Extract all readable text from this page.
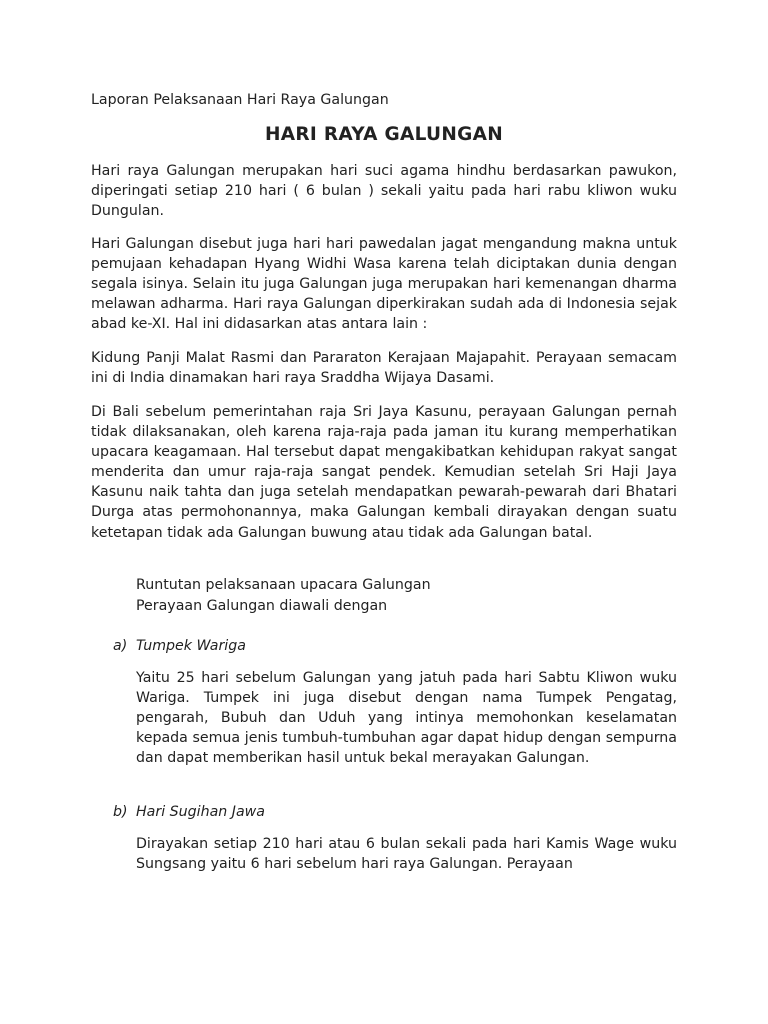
Laporan Pelaksanaan Hari Raya Galungan
HARI RAYA GALUNGAN

Hari raya Galungan merupakan hari suci agama hindhu berdasarkan pawukon, diperingati setiap 210 hari ( 6 bulan ) sekali yaitu pada hari rabu kliwon wuku Dungulan.

Hari Galungan disebut juga hari hari pawedalan jagat mengandung makna untuk pemujaan kehadapan Hyang Widhi Wasa karena telah diciptakan dunia dengan segala isinya. Selain itu juga Galungan juga merupakan hari kemenangan dharma melawan adharma. Hari raya Galungan diperkirakan sudah ada di Indonesia sejak abad ke-XI. Hal ini didasarkan atas antara lain :

Kidung Panji Malat Rasmi dan Pararaton Kerajaan Majapahit. Perayaan semacam ini di India dinamakan hari raya Sraddha Wijaya Dasami.

Di Bali sebelum pemerintahan raja Sri Jaya Kasunu, perayaan Galungan pernah tidak dilaksanakan, oleh karena raja-raja pada jaman itu kurang memperhatikan upacara keagamaan. Hal tersebut dapat mengakibatkan kehidupan rakyat sangat menderita dan umur raja-raja sangat pendek. Kemudian setelah Sri Haji Jaya Kasunu naik tahta dan juga setelah mendapatkan pewarah-pewarah dari Bhatari Durga atas permohonannya, maka Galungan kembali dirayakan dengan suatu ketetapan tidak ada Galungan buwung atau tidak ada Galungan batal.

Runtutan pelaksanaan upacara Galungan
Perayaan Galungan diawali dengan
a) Tumpek Wariga

Yaitu 25 hari sebelum Galungan yang jatuh pada hari Sabtu Kliwon wuku Wariga. Tumpek ini juga disebut dengan nama Tumpek Pengatag, pengarah, Bubuh dan Uduh yang intinya memohonkan keselamatan kepada semua jenis tumbuh-tumbuhan agar dapat hidup dengan sempurna dan dapat memberikan hasil untuk bekal merayakan Galungan.

b) Hari Sugihan Jawa

Dirayakan setiap 210 hari atau 6 bulan sekali pada hari Kamis Wage wuku Sungsang yaitu 6 hari sebelum hari raya Galungan. Perayaan
